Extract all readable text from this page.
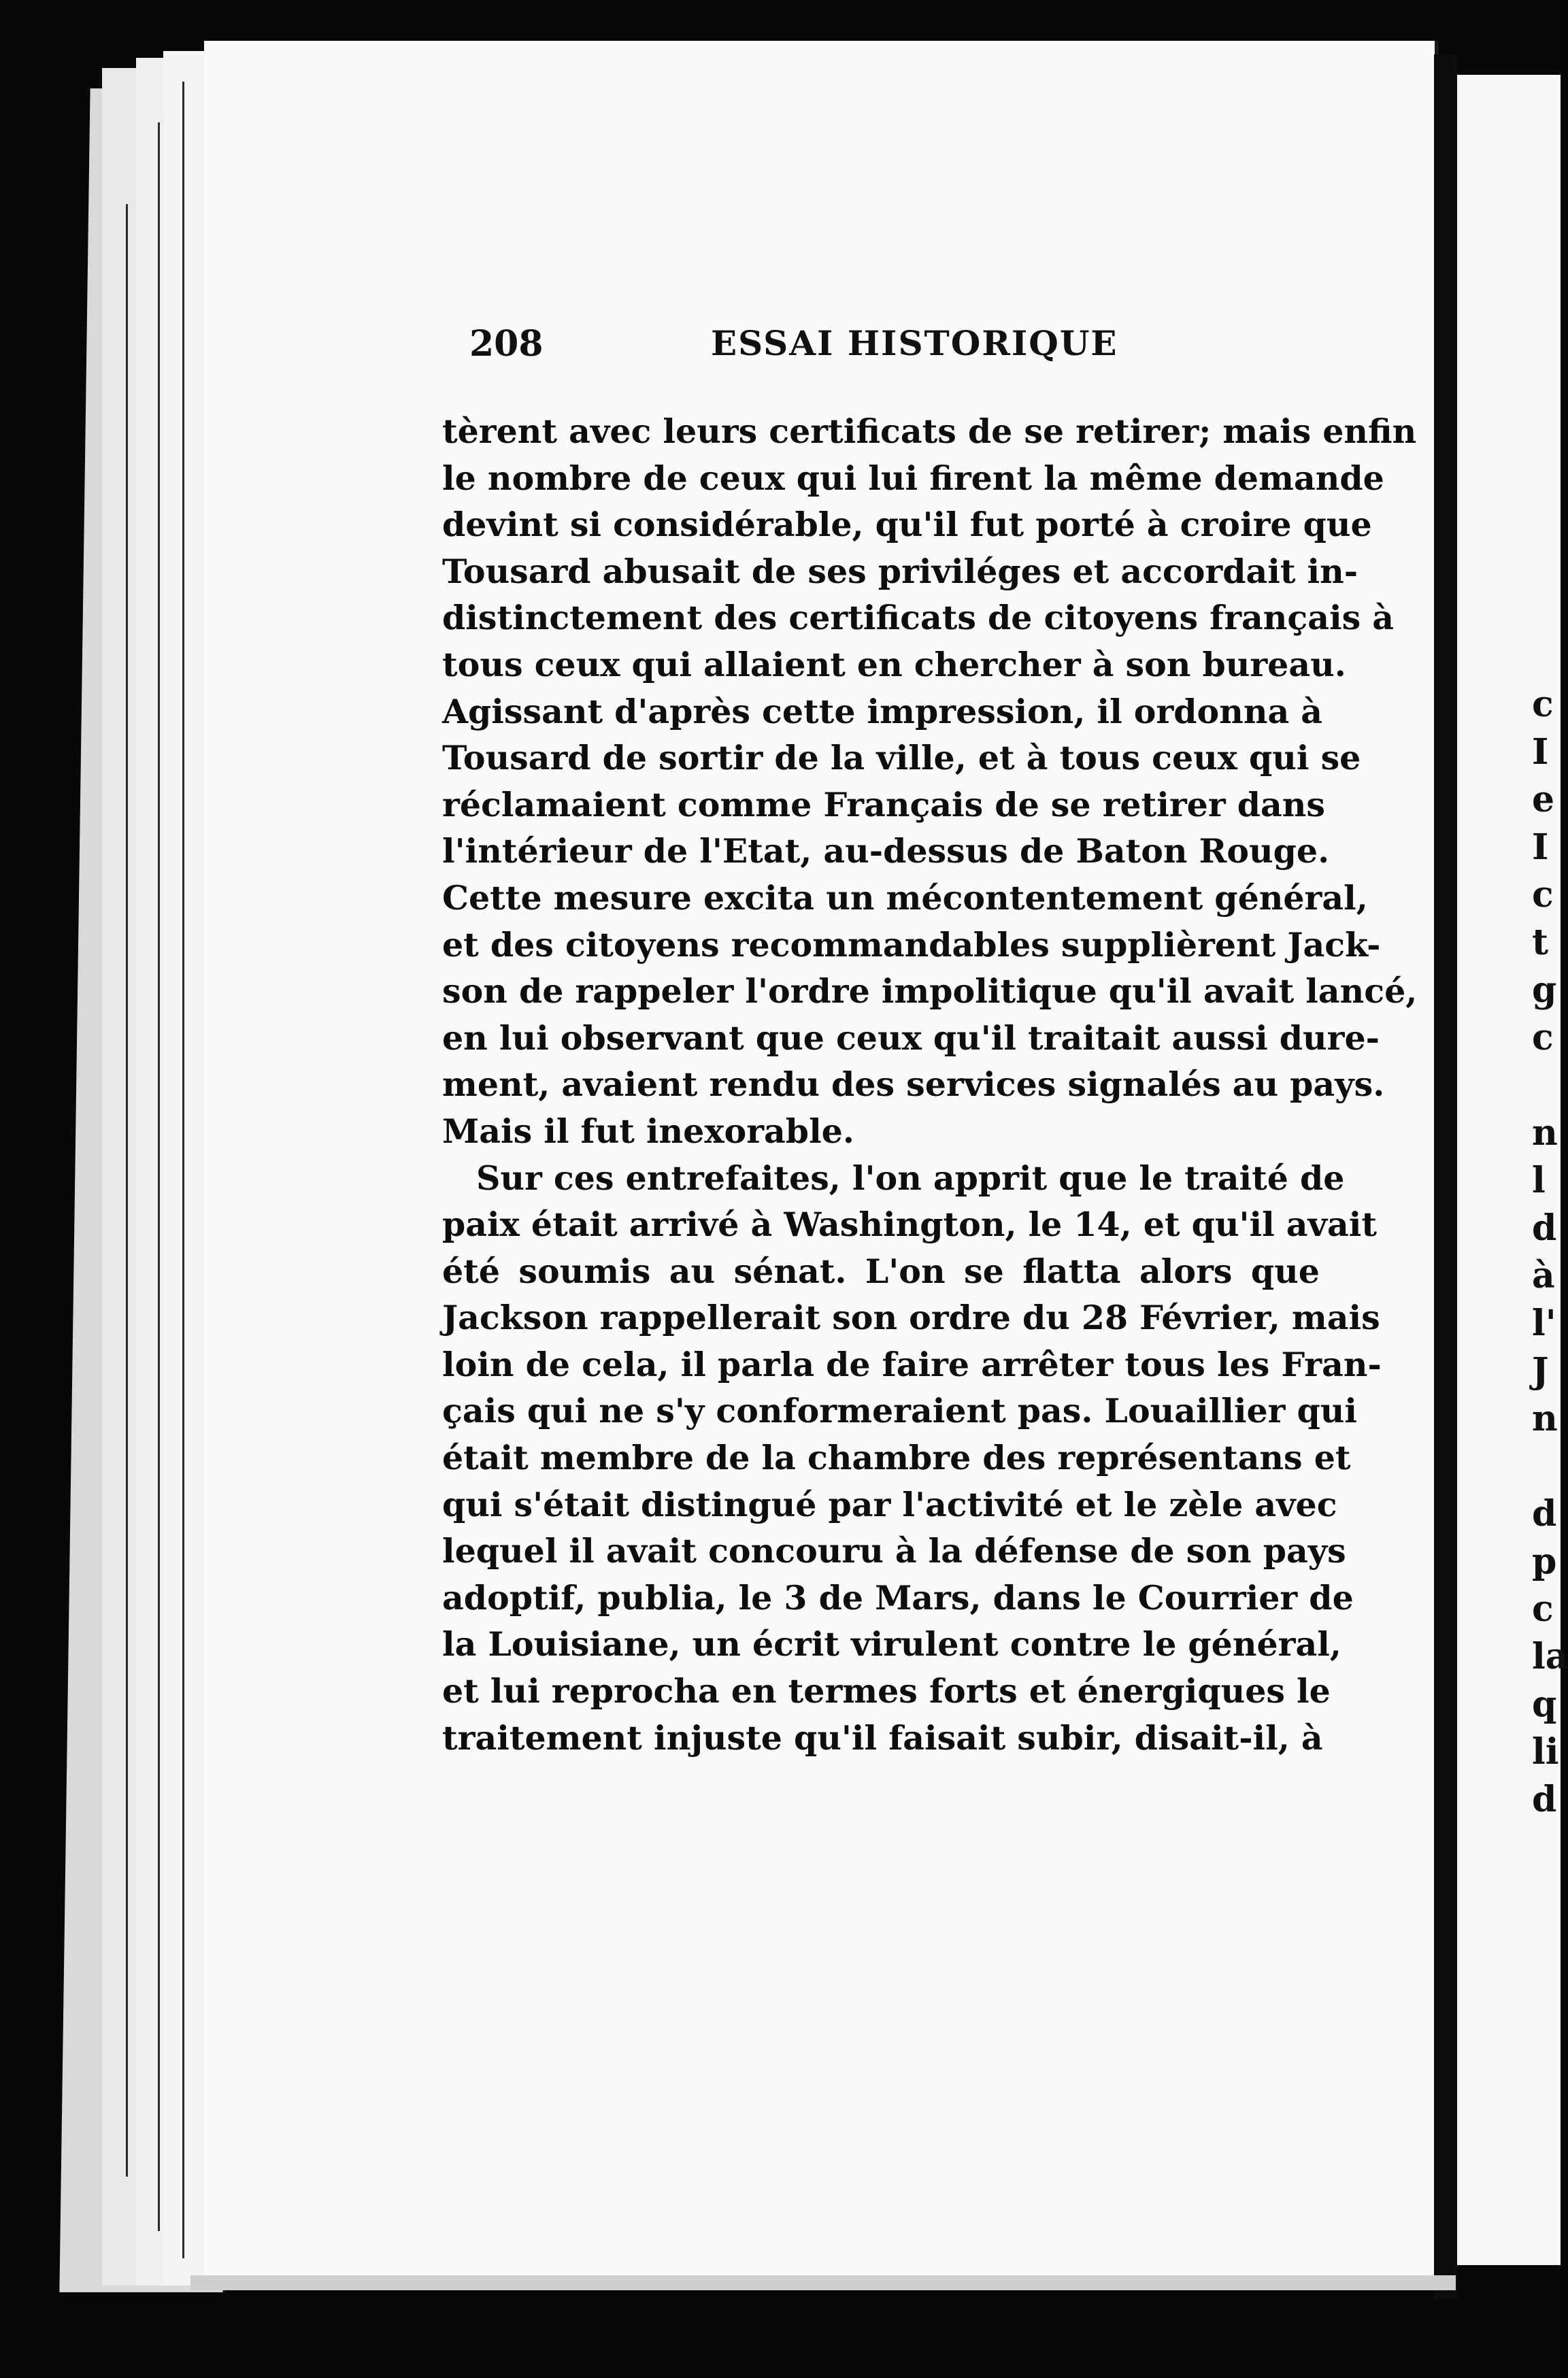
208	ESSAI HISTORIQUE
tèrent avec leurs certificats de se retirer; mais enfin
le nombre de ceux qui lui firent la même demande
devint si considérable, qu'il fut porté à croire que
Tousard abusait de ses priviléges et accordait in-
distinctement des certificats de citoyens français à
tous ceux qui allaient en chercher à son bureau.
Agissant d'après cette impression, il ordonna à
Tousard de sortir de la ville, et à tous ceux qui se
réclamaient comme Français de se retirer dans
l'intérieur de l'Etat, au-dessus de Baton Rouge.
Cette mesure excita un mécontentement général,
et des citoyens recommandables supplièrent Jack-
son de rappeler l'ordre impolitique qu'il avait lancé,
en lui observant que ceux qu'il traitait aussi dure-
ment, avaient rendu des services signalés au pays.
Mais il fut inexorable.
Sur ces entrefaites, l'on apprit que le traité de
paix était arrivé à Washington, le 14, et qu'il avait
été soumis au sénat. L'on se flatta alors que
Jackson rappellerait son ordre du 28 Février, mais
loin de cela, il parla de faire arrêter tous les Fran-
çais qui ne s'y conformeraient pas. Louaillier qui
était membre de la chambre des représentans et
qui s'était distingué par l'activité et le zèle avec
lequel il avait concouru à la défense de son pays
adoptif, publia, le 3 de Mars, dans le Courrier de
la Louisiane, un écrit virulent contre le général,
et lui reprocha en termes forts et énergiques le
traitement injuste qu'il faisait subir, disait-il, à
c
I
e
I
c
t
g
c
n
l
d
à
l'
J
n
d
p
c
la
q
li
d
